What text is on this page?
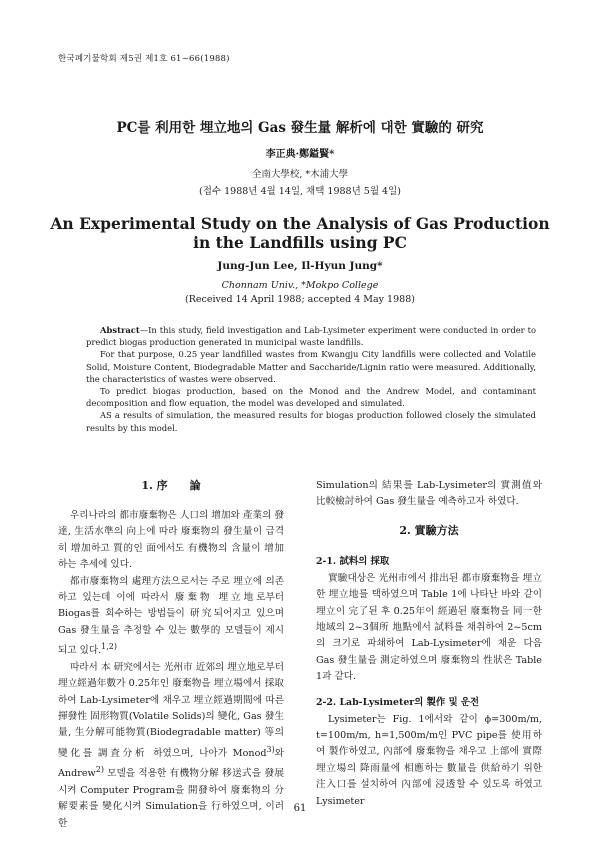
한국폐기물학회 제5권 제1호 61~66(1988)
PC를 利用한 埋立地의 Gas 發生量 解析에 대한 實驗的 研究
李正典·鄭鎰賢*
全南大學校, *木浦大學
(접수 1988년 4월 14일, 채택 1988년 5월 4일)
An Experimental Study on the Analysis of Gas Production in the Landfills using PC
Jung-Jun Lee, Il-Hyun Jung*
Chonnam Univ., *Mokpo College
(Received 14 April 1988; accepted 4 May 1988)

Abstract—In this study, field investigation and Lab-Lysimeter experiment were conducted in order to predict biogas production generated in municipal waste landfills.

For that purpose, 0.25 year landfilled wastes from Kwangju City landfills were collected and Volatile Solid, Moisture Content, Biodegradable Matter and Saccharide/Lignin ratio were measured. Additionally, the characteristics of wastes were observed.

To predict biogas production, based on the Monod and the Andrew Model, and contaminant decomposition and flow equation, the model was developed and simulated.

AS a results of simulation, the measured results for biogas production followed closely the simulated results by this model.

1. 序　　論

우리나라의 都市廢棄物은 人口의 增加와 產業의 發達, 生活水準의 向上에 따라 廢棄物의 發生量이 급격히 增加하고 質的인 面에서도 有機物의 含量이 增加하는 추세에 있다.

都市廢棄物의 處理方法으로서는 주로 埋立에 의존하고 있는데 이에 따라서 廢棄物 埋立地로부터 Biogas를 회수하는 방법들이 研究되어지고 있으며 Gas 發生量을 추정할 수 있는 數學的 모델들이 제시되고 있다.$^{1,2)}$

따라서 本 研究에서는 光州市 近郊의 埋立地로부터 埋立經過年數가 0.25年인 廢棄物을 埋立場에서 採取하여 Lab-Lysimeter에 채우고 埋立經過期間에 따른 揮發性 固形物質(Volatile Solids)의 變化, Gas 發生量, 生分解可能物質(Biodegradable matter) 等의 變化를 調査分析 하였으며, 나아가 Monod$^{3)}$와 Andrew$^{2)}$ 모델을 적용한 有機物分解 移送式을 發展시켜 Computer Program을 開發하여 廢棄物의 分解要素를 變化시켜 Simulation을 行하였으며, 이러한

Simulation의 結果를 Lab-Lysimeter의 實測值와 比較檢討하여 Gas 發生量을 예측하고자 하였다.

2. 實驗方法
2-1. 試料의 採取

實驗대상은 光州市에서 排出된 都市廢棄物을 埋立한 埋立地를 택하였으며 Table 1에 나타난 바와 같이 埋立이 完了된 후 0.25年이 經過된 廢棄物을 同一한 地域의 2~3個所 地點에서 試料를 채취하여 2~5cm의 크기로 파쇄하여 Lab-Lysimeter에 채운 다음 Gas 發生量을 測定하였으며 廢棄物의 性狀은 Table 1과 같다.

2-2. Lab-Lysimeter의 製作 및 운전

Lysimeter는 Fig. 1에서와 같이 ϕ=300m/m, t=100m/m, h=1,500m/m인 PVC pipe를 使用하여 製作하였고, 內部에 廢棄物을 채우고 上部에 實際 埋立場의 降雨量에 相應하는 數量을 供給하기 위한 注入口를 설치하여 內部에 浸透할 수 있도록 하였고 Lysimeter

61
